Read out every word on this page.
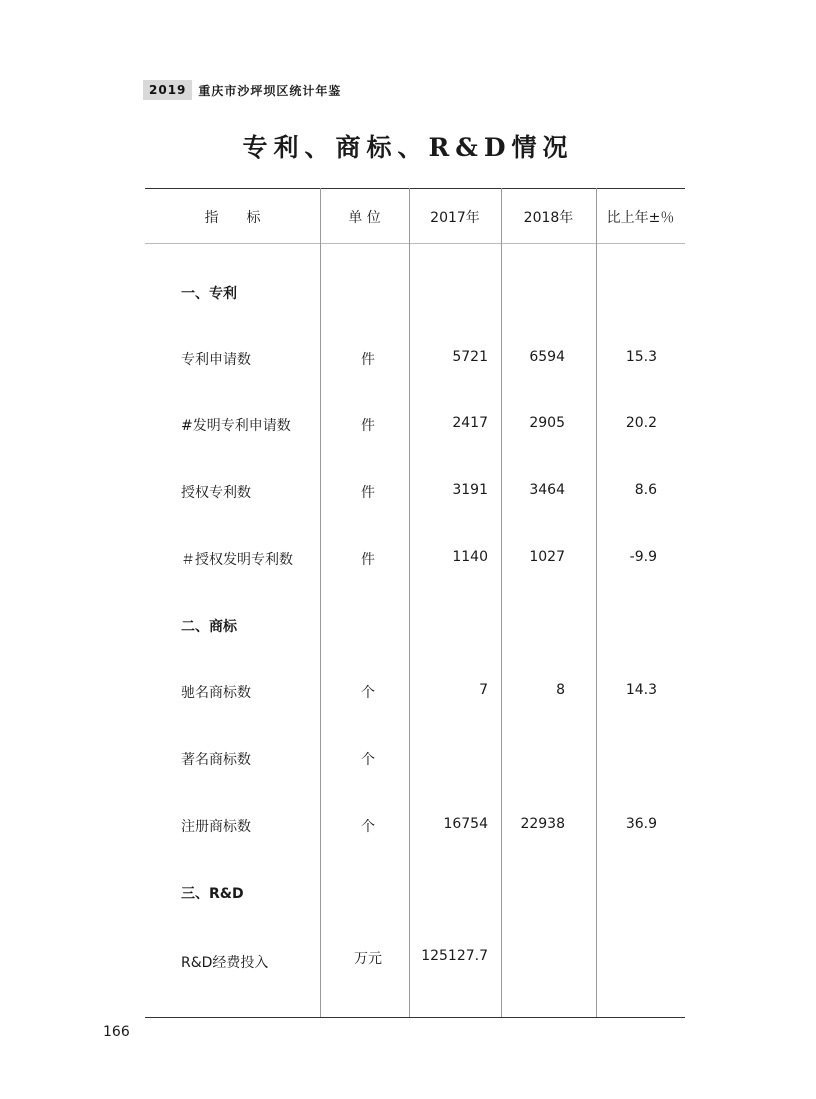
2019	重庆市沙坪坝区统计年鉴
专利、商标、R&D情况
指　　标	单 位	2017年	2018年	比上年±％
一、专利
专利申请数	件	5721	6594	15.3
#发明专利申请数	件	2417	2905	20.2
授权专利数	件	3191	3464	8.6
＃授权发明专利数	件	1140	1027	-9.9
二、商标
驰名商标数	个	7	8	14.3
著名商标数	个
注册商标数	个	16754	22938	36.9
三、R&D
R&D经费投入	万元	125127.7
166
